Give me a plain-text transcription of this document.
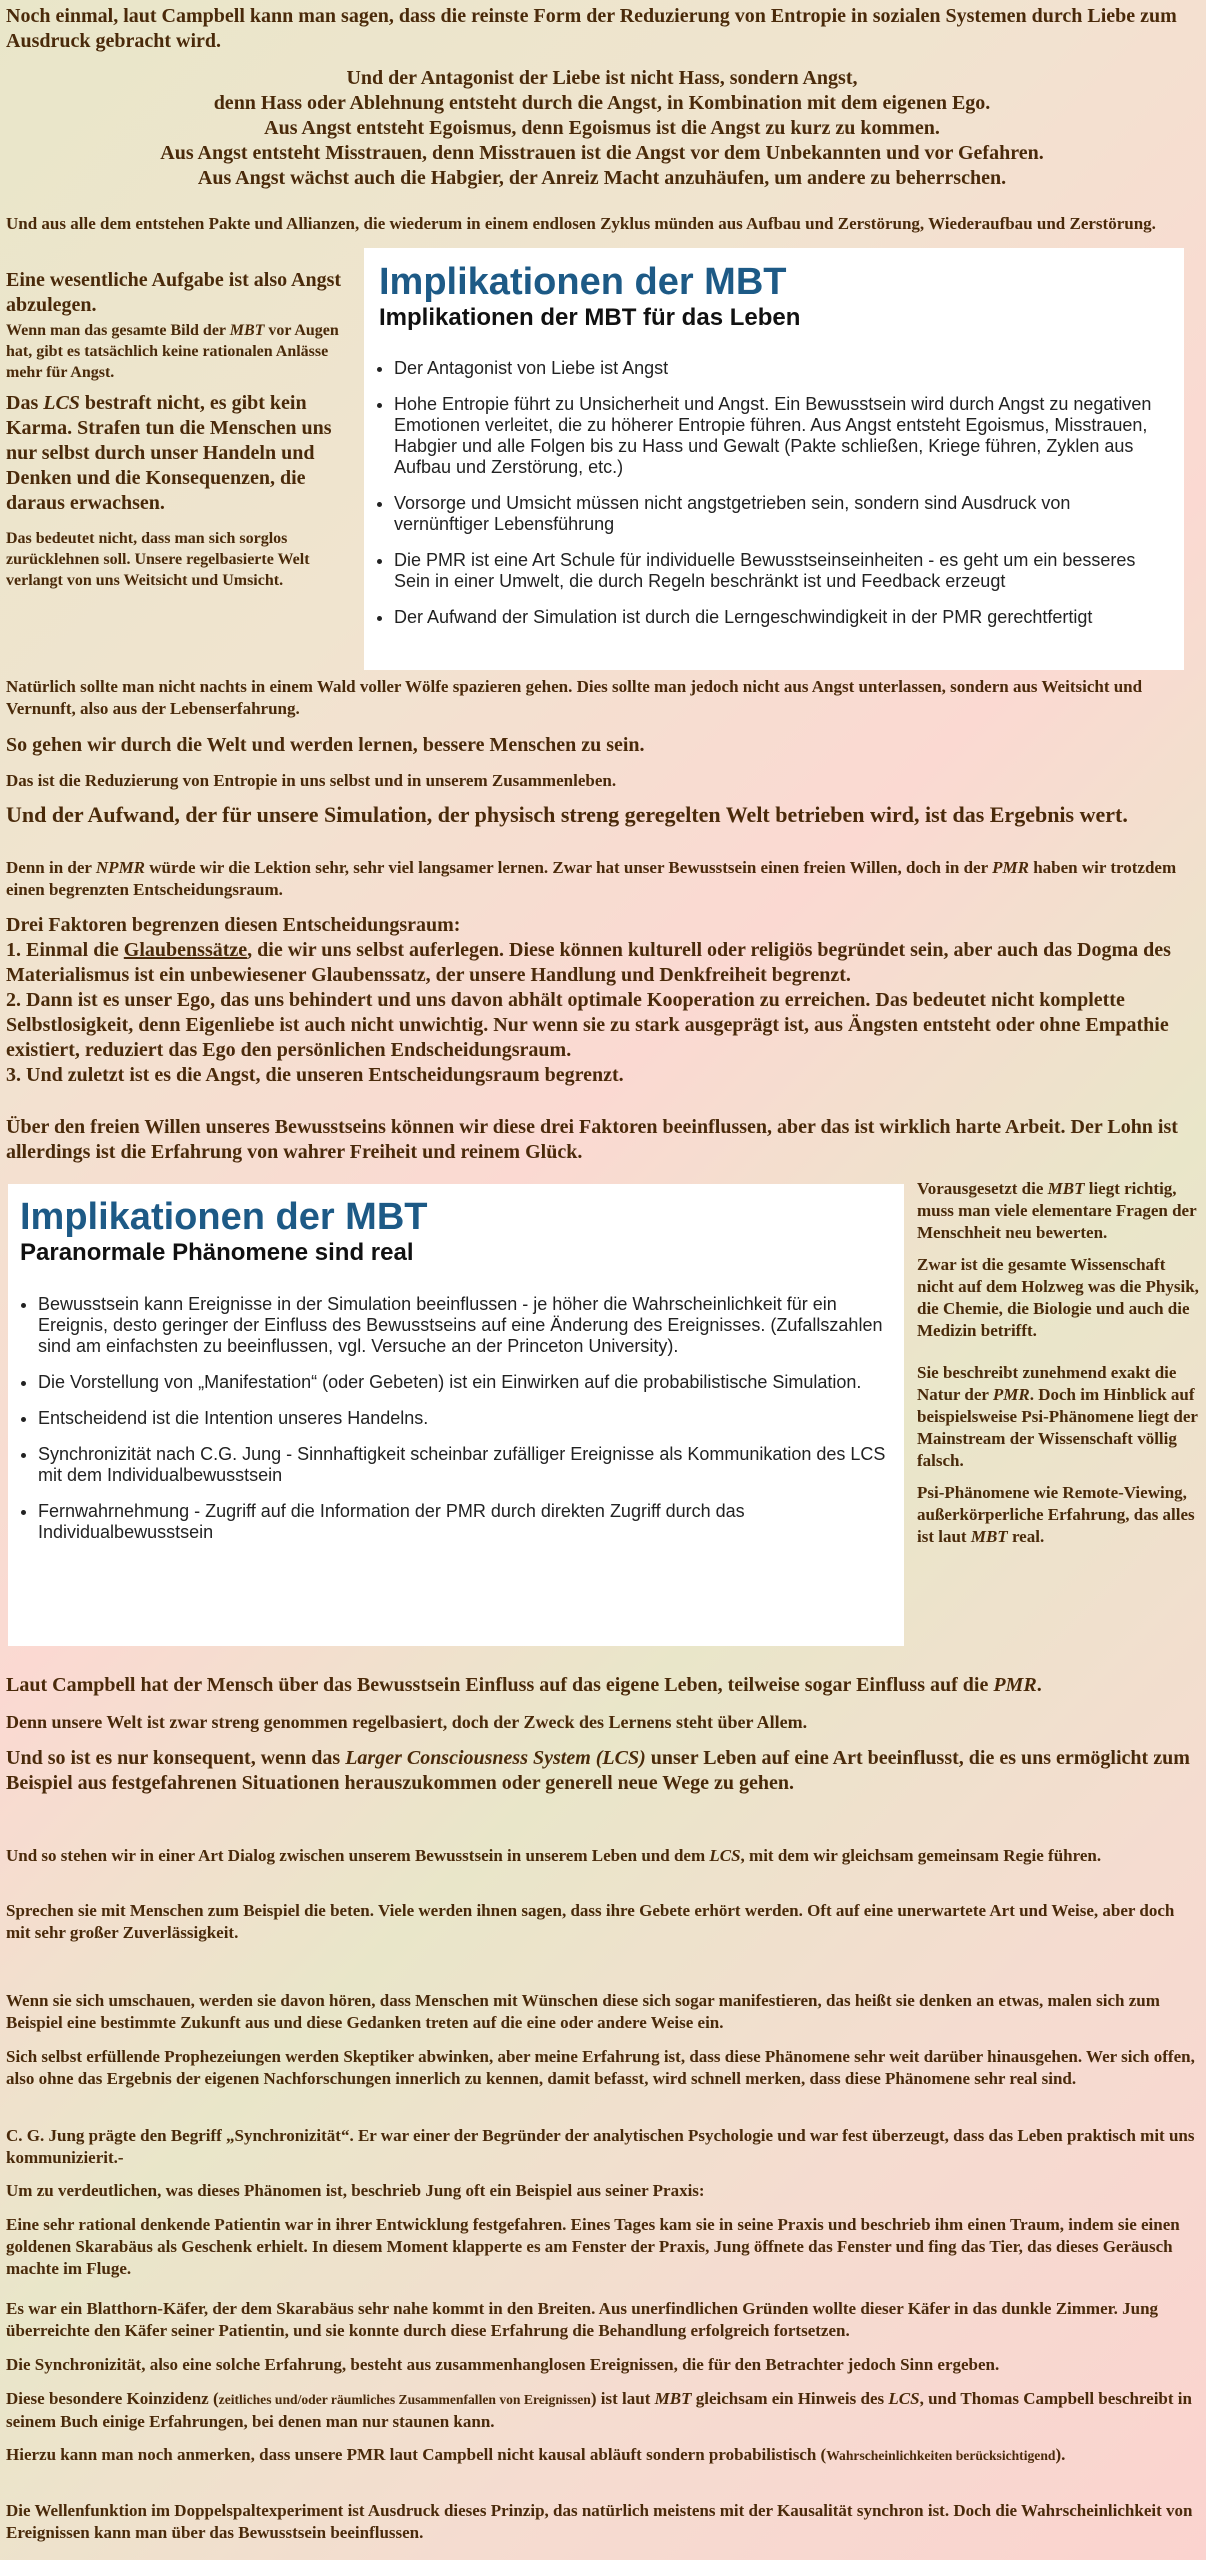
Noch einmal, laut Campbell kann man sagen, dass die reinste Form der Reduzierung von Entropie in sozialen Systemen durch Liebe zum Ausdruck gebracht wird.

Und der Antagonist der Liebe ist nicht Hass, sondern Angst,

denn Hass oder Ablehnung entsteht durch die Angst, in Kombination mit dem eigenen Ego.

Aus Angst entsteht Egoismus, denn Egoismus ist die Angst zu kurz zu kommen.

Aus Angst entsteht Misstrauen, denn Misstrauen ist die Angst vor dem Unbekannten und vor Gefahren.

Aus Angst wächst auch die Habgier, der Anreiz Macht anzuhäufen, um andere zu beherrschen.

Und aus alle dem entstehen Pakte und Allianzen, die wiederum in einem endlosen Zyklus münden aus Aufbau und Zerstörung, Wiederaufbau und Zerstörung.

Eine wesentliche Aufgabe ist also Angst abzulegen.

Wenn man das gesamte Bild der MBT vor Augen hat, gibt es tatsächlich keine rationalen Anlässe mehr für Angst.

Das LCS bestraft nicht, es gibt kein Karma. Strafen tun die Menschen uns nur selbst durch unser Handeln und Denken und die Konsequenzen, die daraus erwachsen.

Das bedeutet nicht, dass man sich sorglos zurücklehnen soll. Unsere regelbasierte Welt verlangt von uns Weitsicht und Umsicht.

Implikationen der MBT
Implikationen der MBT für das Leben
• Der Antagonist von Liebe ist Angst
• Hohe Entropie führt zu Unsicherheit und Angst. Ein Bewusstsein wird durch Angst zu negativen Emotionen verleitet, die zu höherer Entropie führen. Aus Angst entsteht Egoismus, Misstrauen, Habgier und alle Folgen bis zu Hass und Gewalt (Pakte schließen, Kriege führen, Zyklen aus Aufbau und Zerstörung, etc.)
• Vorsorge und Umsicht müssen nicht angstgetrieben sein, sondern sind Ausdruck von vernünftiger Lebensführung
• Die PMR ist eine Art Schule für individuelle Bewusstseinseinheiten - es geht um ein besseres Sein in einer Umwelt, die durch Regeln beschränkt ist und Feedback erzeugt
• Der Aufwand der Simulation ist durch die Lerngeschwindigkeit in der PMR gerechtfertigt

Natürlich sollte man nicht nachts in einem Wald voller Wölfe spazieren gehen. Dies sollte man jedoch nicht aus Angst unterlassen, sondern aus Weitsicht und Vernunft, also aus der Lebenserfahrung.

So gehen wir durch die Welt und werden lernen, bessere Menschen zu sein.

Das ist die Reduzierung von Entropie in uns selbst und in unserem Zusammenleben.

Und der Aufwand, der für unsere Simulation, der physisch streng geregelten Welt betrieben wird, ist das Ergebnis wert.

Denn in der NPMR würde wir die Lektion sehr, sehr viel langsamer lernen. Zwar hat unser Bewusstsein einen freien Willen, doch in der PMR haben wir trotzdem einen begrenzten Entscheidungsraum.

Drei Faktoren begrenzen diesen Entscheidungsraum:

1. Einmal die Glaubenssätze, die wir uns selbst auferlegen. Diese können kulturell oder religiös begründet sein, aber auch das Dogma des Materialismus ist ein unbewiesener Glaubenssatz, der unsere Handlung und Denkfreiheit begrenzt.

2. Dann ist es unser Ego, das uns behindert und uns davon abhält optimale Kooperation zu erreichen. Das bedeutet nicht komplette Selbstlosigkeit, denn Eigenliebe ist auch nicht unwichtig. Nur wenn sie zu stark ausgeprägt ist, aus Ängsten entsteht oder ohne Empathie existiert, reduziert das Ego den persönlichen Endscheidungsraum.

3. Und zuletzt ist es die Angst, die unseren Entscheidungsraum begrenzt.

Über den freien Willen unseres Bewusstseins können wir diese drei Faktoren beeinflussen, aber das ist wirklich harte Arbeit. Der Lohn ist allerdings ist die Erfahrung von wahrer Freiheit und reinem Glück.

Implikationen der MBT
Paranormale Phänomene sind real
• Bewusstsein kann Ereignisse in der Simulation beeinflussen - je höher die Wahrscheinlichkeit für ein Ereignis, desto geringer der Einfluss des Bewusstseins auf eine Änderung des Ereignisses. (Zufallszahlen sind am einfachsten zu beeinflussen, vgl. Versuche an der Princeton University).
• Die Vorstellung von „Manifestation“ (oder Gebeten) ist ein Einwirken auf die probabilistische Simulation.
• Entscheidend ist die Intention unseres Handelns.
• Synchronizität nach C.G. Jung - Sinnhaftigkeit scheinbar zufälliger Ereignisse als Kommunikation des LCS mit dem Individualbewusstsein
• Fernwahrnehmung - Zugriff auf die Information der PMR durch direkten Zugriff durch das Individualbewusstsein

Vorausgesetzt die MBT liegt richtig, muss man viele elementare Fragen der Menschheit neu bewerten.

Zwar ist die gesamte Wissenschaft nicht auf dem Holzweg was die Physik, die Chemie, die Biologie und auch die Medizin betrifft.

Sie beschreibt zunehmend exakt die Natur der PMR. Doch im Hinblick auf beispielsweise Psi-Phänomene liegt der Mainstream der Wissenschaft völlig falsch.

Psi-Phänomene wie Remote-Viewing, außerkörperliche Erfahrung, das alles ist laut MBT real.

Laut Campbell hat der Mensch über das Bewusstsein Einfluss auf das eigene Leben, teilweise sogar Einfluss auf die PMR.

Denn unsere Welt ist zwar streng genommen regelbasiert, doch der Zweck des Lernens steht über Allem.

Und so ist es nur konsequent, wenn das Larger Consciousness System (LCS) unser Leben auf eine Art beeinflusst, die es uns ermöglicht zum Beispiel aus festgefahrenen Situationen herauszukommen oder generell neue Wege zu gehen.

Und so stehen wir in einer Art Dialog zwischen unserem Bewusstsein in unserem Leben und dem LCS, mit dem wir gleichsam gemeinsam Regie führen.

Sprechen sie mit Menschen zum Beispiel die beten. Viele werden ihnen sagen, dass ihre Gebete erhört werden. Oft auf eine unerwartete Art und Weise, aber doch mit sehr großer Zuverlässigkeit.

Wenn sie sich umschauen, werden sie davon hören, dass Menschen mit Wünschen diese sich sogar manifestieren, das heißt sie denken an etwas, malen sich zum Beispiel eine bestimmte Zukunft aus und diese Gedanken treten auf die eine oder andere Weise ein.

Sich selbst erfüllende Prophezeiungen werden Skeptiker abwinken, aber meine Erfahrung ist, dass diese Phänomene sehr weit darüber hinausgehen. Wer sich offen, also ohne das Ergebnis der eigenen Nachforschungen innerlich zu kennen, damit befasst, wird schnell merken, dass diese Phänomene sehr real sind.

C. G. Jung prägte den Begriff „Synchronizität“. Er war einer der Begründer der analytischen Psychologie und war fest überzeugt, dass das Leben praktisch mit uns kommunizierit.-

Um zu verdeutlichen, was dieses Phänomen ist, beschrieb Jung oft ein Beispiel aus seiner Praxis:

Eine sehr rational denkende Patientin war in ihrer Entwicklung festgefahren. Eines Tages kam sie in seine Praxis und beschrieb ihm einen Traum, indem sie einen goldenen Skarabäus als Geschenk erhielt. In diesem Moment klapperte es am Fenster der Praxis, Jung öffnete das Fenster und fing das Tier, das dieses Geräusch machte im Fluge.

Es war ein Blatthorn-Käfer, der dem Skarabäus sehr nahe kommt in den Breiten. Aus unerfindlichen Gründen wollte dieser Käfer in das dunkle Zimmer. Jung überreichte den Käfer seiner Patientin, und sie konnte durch diese Erfahrung die Behandlung erfolgreich fortsetzen.

Die Synchronizität, also eine solche Erfahrung, besteht aus zusammenhanglosen Ereignissen, die für den Betrachter jedoch Sinn ergeben.

Diese besondere Koinzidenz (zeitliches und/oder räumliches Zusammenfallen von Ereignissen) ist laut MBT gleichsam ein Hinweis des LCS, und Thomas Campbell beschreibt in seinem Buch einige Erfahrungen, bei denen man nur staunen kann.

Hierzu kann man noch anmerken, dass unsere PMR laut Campbell nicht kausal abläuft sondern probabilistisch (Wahrscheinlichkeiten berücksichtigend).

Die Wellenfunktion im Doppelspaltexperiment ist Ausdruck dieses Prinzip, das natürlich meistens mit der Kausalität synchron ist. Doch die Wahrscheinlichkeit von Ereignissen kann man über das Bewusstsein beeinflussen.
